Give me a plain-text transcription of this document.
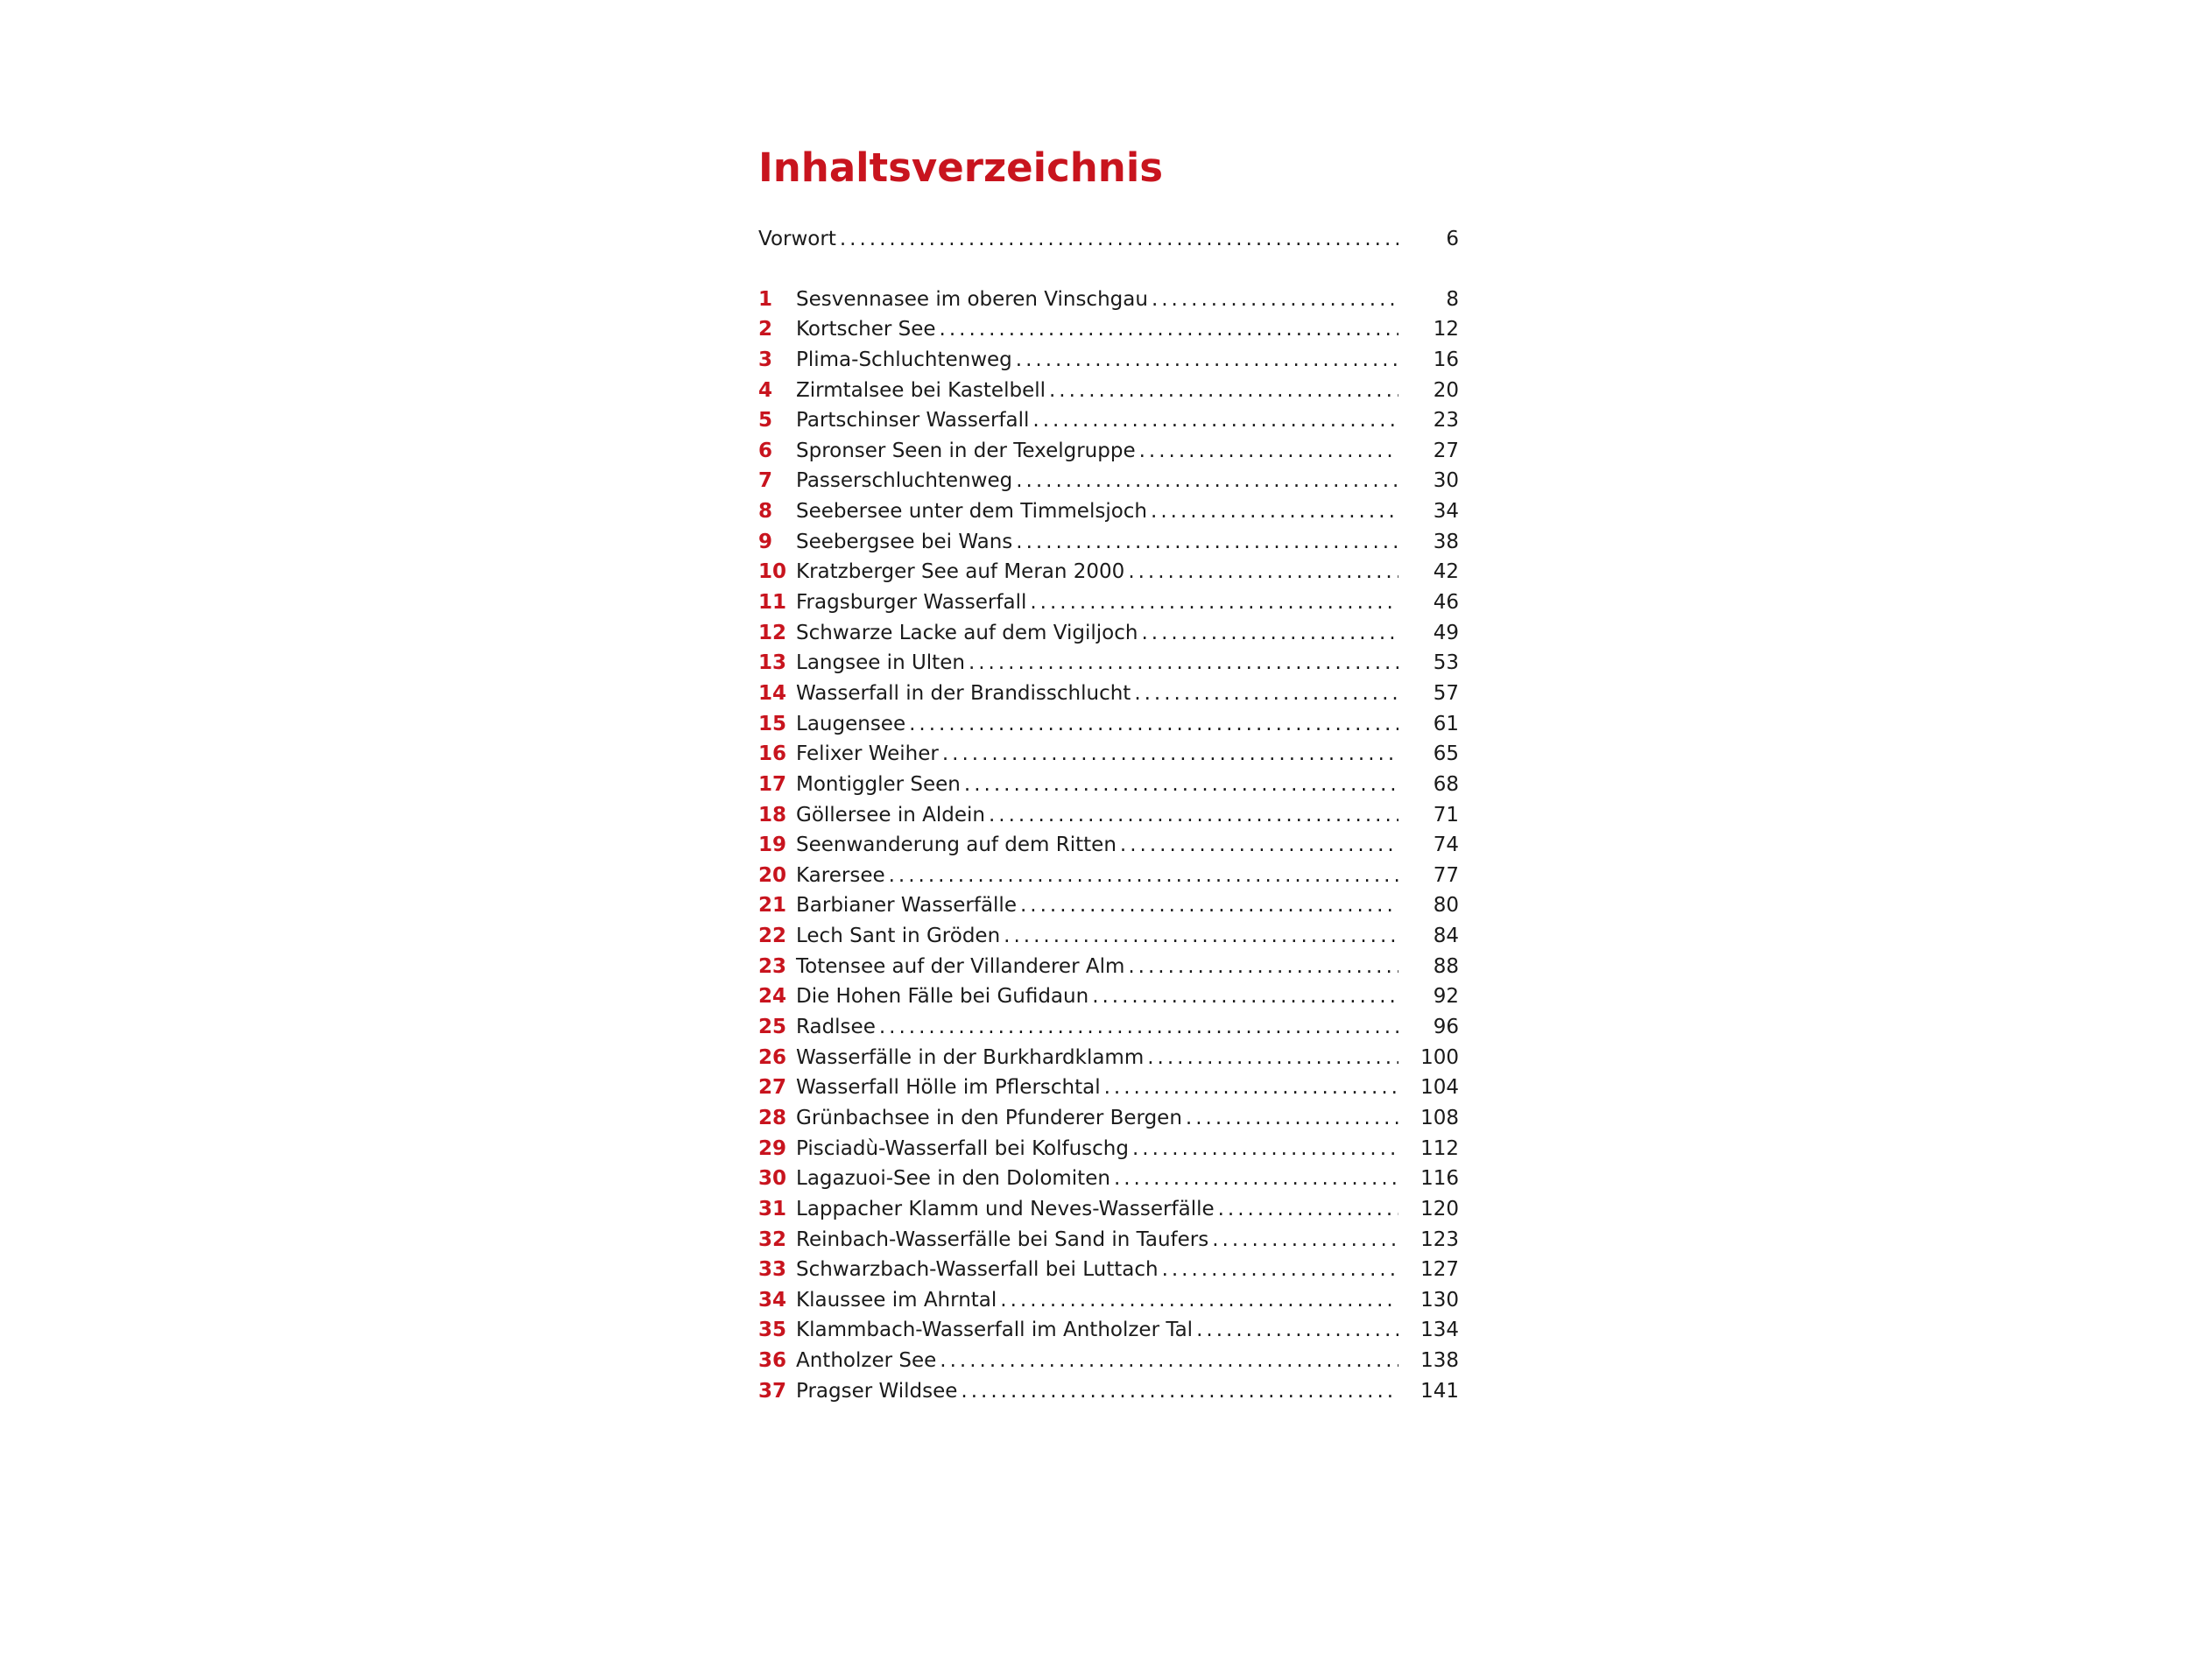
Inhaltsverzeichnis
Vorwort .....	6
1	Sesvennasee im oberen Vinschgau .....	8
2	Kortscher See .....	12
3	Plima-Schluchtenweg .....	16
4	Zirmtalsee bei Kastelbell .....	20
5	Partschinser Wasserfall .....	23
6	Spronser Seen in der Texelgruppe .....	27
7	Passerschluchtenweg .....	30
8	Seebersee unter dem Timmelsjoch .....	34
9	Seebergsee bei Wans .....	38
10 Kratzberger See auf Meran 2000 .....	42
11 Fragsburger Wasserfall .....	46
12 Schwarze Lacke auf dem Vigiljoch .....	49
13 Langsee in Ulten .....	53
14 Wasserfall in der Brandisschlucht .....	57
15 Laugensee .....	61
16 Felixer Weiher .....	65
17 Montiggler Seen .....	68
18 Göllersee in Aldein .....	71
19 Seenwanderung auf dem Ritten .....	74
20 Karersee .....	77
21 Barbianer Wasserfälle .....	80
22 Lech Sant in Gröden .....	84
23 Totensee auf der Villanderer Alm .....	88
24 Die Hohen Fälle bei Gufidaun .....	92
25 Radlsee .....	96
26 Wasserfälle in der Burkhardklamm .....	100
27 Wasserfall Hölle im Pflerschtal .....	104
28 Grünbachsee in den Pfunderer Bergen .....	108
29 Pisciadù-Wasserfall bei Kolfuschg .....	112
30 Lagazuoi-See in den Dolomiten .....	116
31 Lappacher Klamm und Neves-Wasserfälle .....	120
32 Reinbach-Wasserfälle bei Sand in Taufers .....	123
33 Schwarzbach-Wasserfall bei Luttach .....	127
34 Klaussee im Ahrntal .....	130
35 Klammbach-Wasserfall im Antholzer Tal .....	134
36 Antholzer See .....	138
37 Pragser Wildsee .....	141
